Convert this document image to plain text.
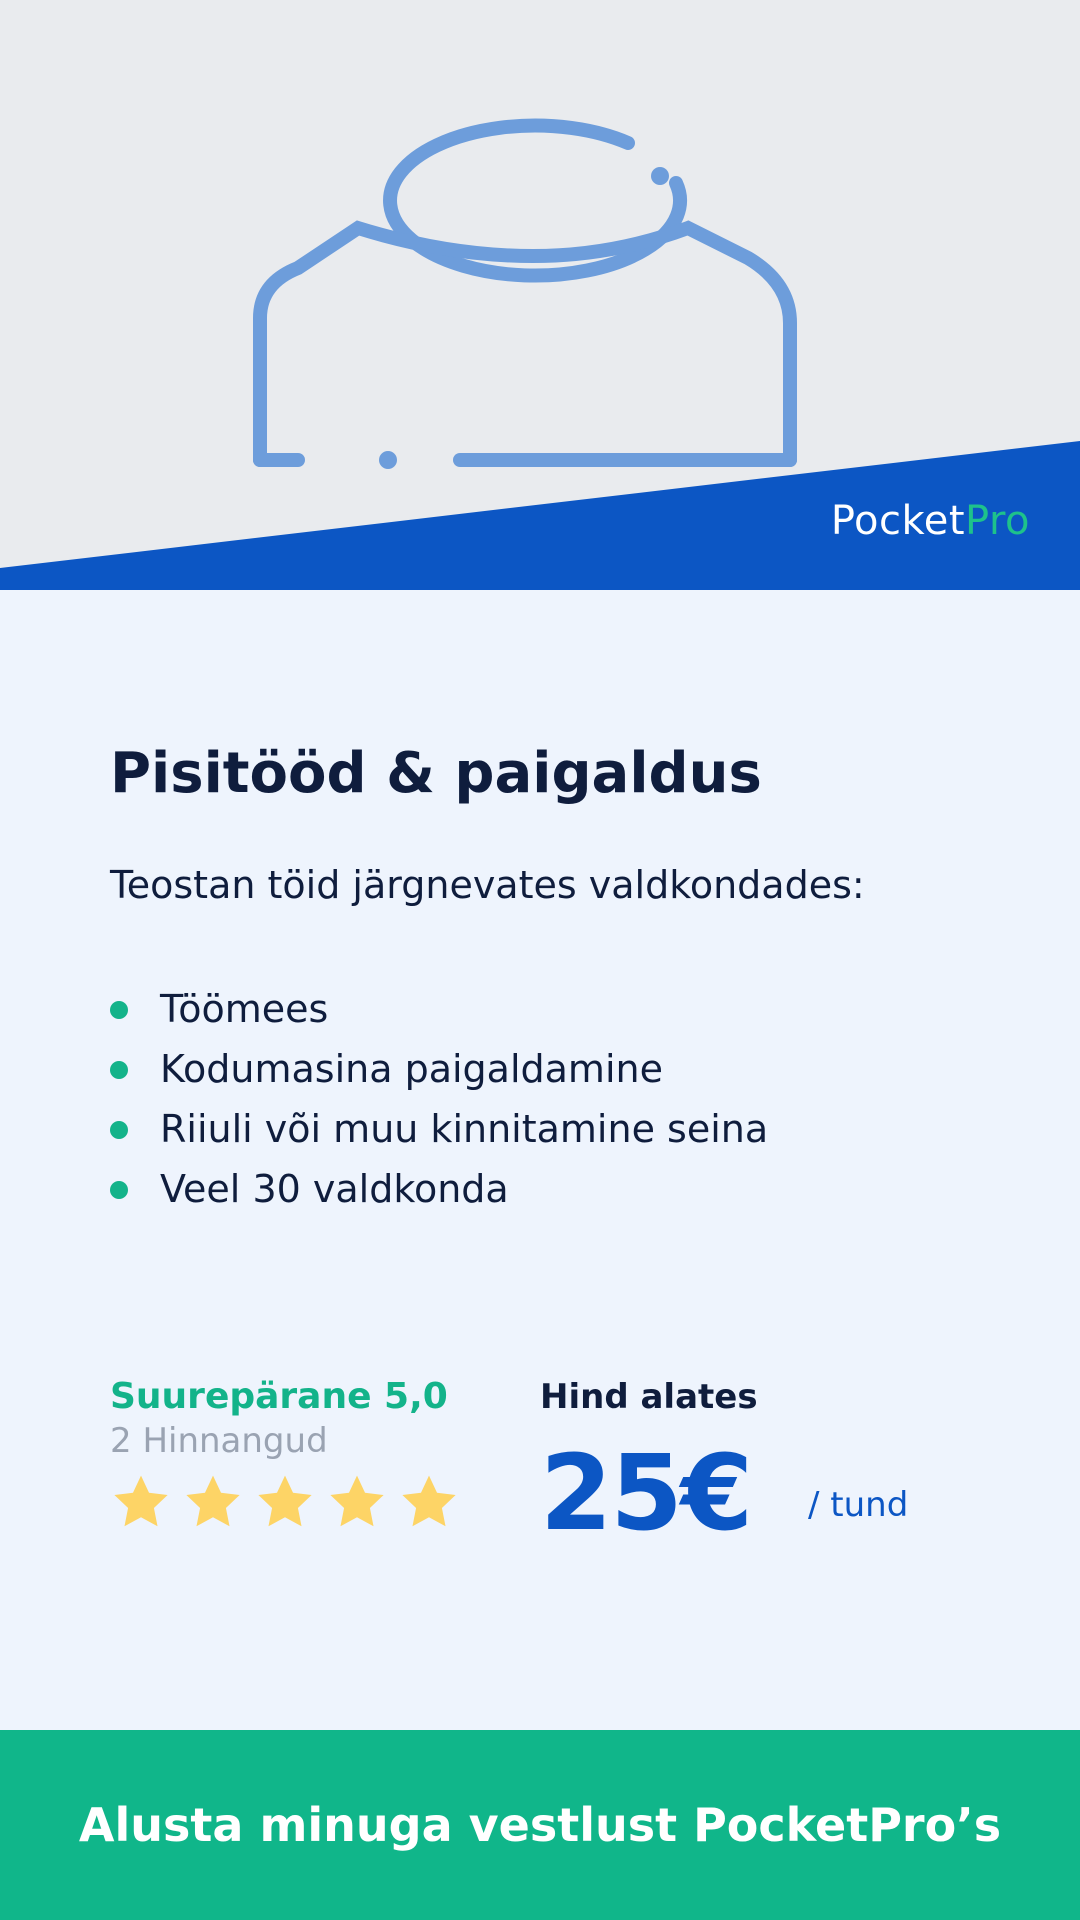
PocketPro
Pisitööd & paigaldus
Teostan töid järgnevates valdkondades:
Töömees
Kodumasina paigaldamine
Riiuli või muu kinnitamine seina
Veel 30 valdkonda
Suurepärane 5,0
2 Hinnangud
Hind alates
25€ / tund
Alusta minuga vestlust PocketPro’s
